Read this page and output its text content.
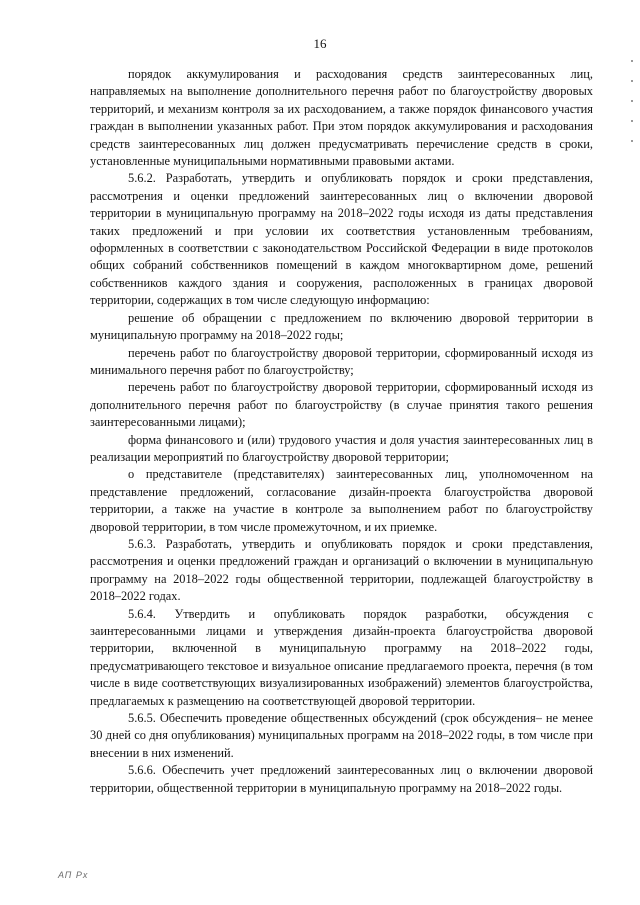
16

порядок аккумулирования и расходования средств заинтересованных лиц, направляемых на выполнение дополнительного перечня работ по благоустройству дворовых территорий, и механизм контроля за их расходованием, а также порядок финансового участия граждан в выполнении указанных работ. При этом порядок аккумулирования и расходования средств заинтересованных лиц должен предусматривать перечисление средств в сроки, установленные муниципальными нормативными правовыми актами.

5.6.2. Разработать, утвердить и опубликовать порядок и сроки представления, рассмотрения и оценки предложений заинтересованных лиц о включении дворовой территории в муниципальную программу на 2018–2022 годы исходя из даты представления таких предложений и при условии их соответствия установленным требованиям, оформленных в соответствии с законодательством Российской Федерации в виде протоколов общих собраний собственников помещений в каждом многоквартирном доме, решений собственников каждого здания и сооружения, расположенных в границах дворовой территории, содержащих в том числе следующую информацию:

решение об обращении с предложением по включению дворовой территории в муниципальную программу на 2018–2022 годы;

перечень работ по благоустройству дворовой территории, сформированный исходя из минимального перечня работ по благоустройству;

перечень работ по благоустройству дворовой территории, сформированный исходя из дополнительного перечня работ по благоустройству (в случае принятия такого решения заинтересованными лицами);

форма финансового и (или) трудового участия и доля участия заинтересованных лиц в реализации мероприятий по благоустройству дворовой территории;

о представителе (представителях) заинтересованных лиц, уполномоченном на представление предложений, согласование дизайн-проекта благоустройства дворовой территории, а также на участие в контроле за выполнением работ по благоустройству дворовой территории, в том числе промежуточном, и их приемке.

5.6.3. Разработать, утвердить и опубликовать порядок и сроки представления, рассмотрения и оценки предложений граждан и организаций о включении в муниципальную программу на 2018–2022 годы общественной территории, подлежащей благоустройству в 2018–2022 годах.

5.6.4. Утвердить и опубликовать порядок разработки, обсуждения с заинтересованными лицами и утверждения дизайн-проекта благоустройства дворовой территории, включенной в муниципальную программу на 2018–2022 годы, предусматривающего текстовое и визуальное описание предлагаемого проекта, перечня (в том числе в виде соответствующих визуализированных изображений) элементов благоустройства, предлагаемых к размещению на соответствующей дворовой территории.

5.6.5. Обеспечить проведение общественных обсуждений (срок обсуждения– не менее 30 дней со дня опубликования) муниципальных программ на 2018–2022 годы, в том числе при внесении в них изменений.

5.6.6. Обеспечить учет предложений заинтересованных лиц о включении дворовой территории, общественной территории в муниципальную программу на 2018–2022 годы.

АП Рх
